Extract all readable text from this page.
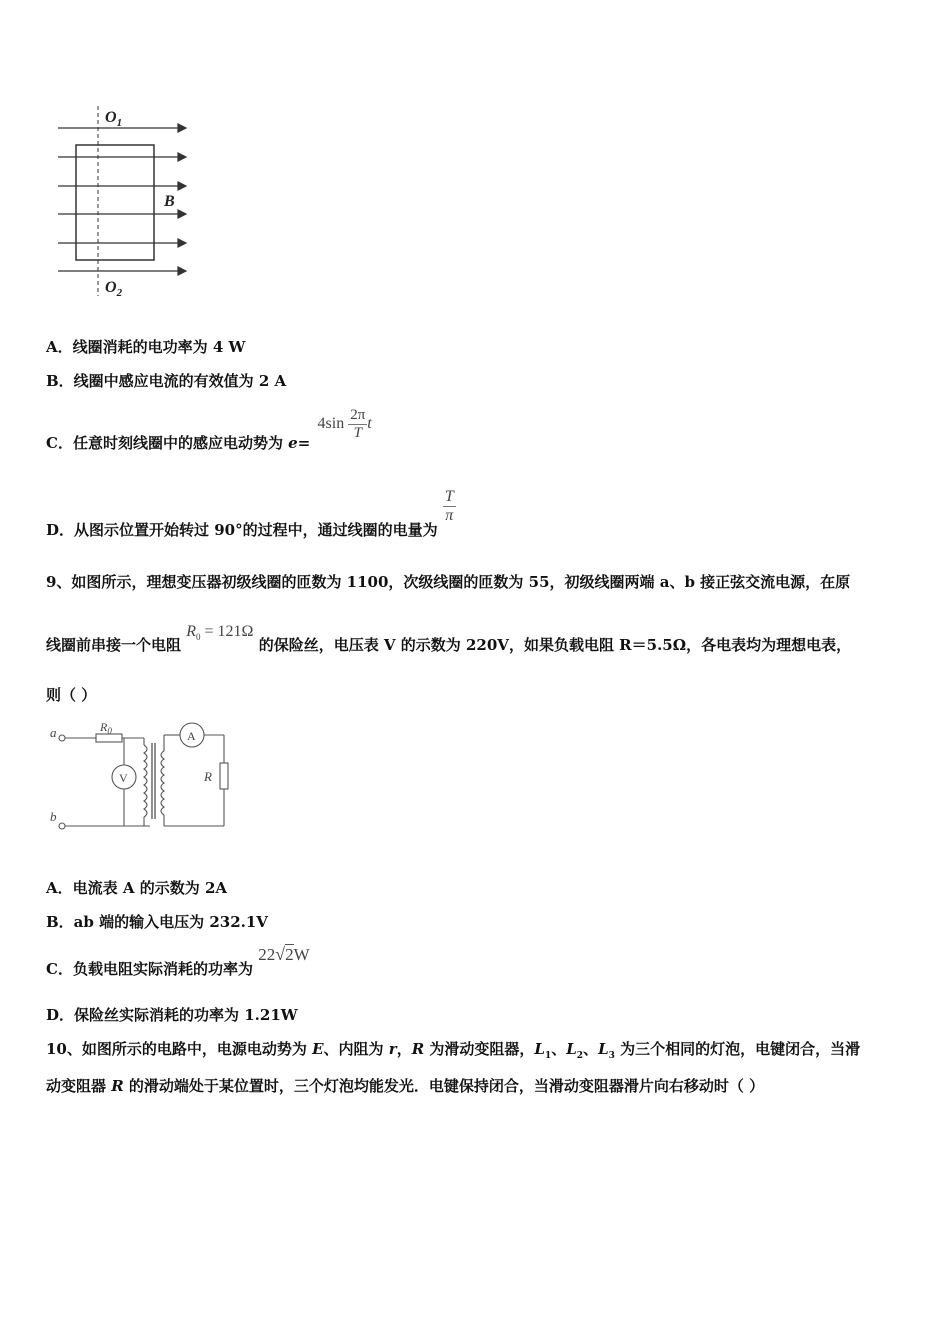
$O_1$
$O_2$
B
A．线圈消耗的电功率为 4 W
B．线圈中感应电流的有效值为 2 A
C．任意时刻线圈中的感应电动势为 $e= 4\sin \frac{2\pi}{T}$ t
D．从图示位置开始转过 90°的过程中，通过线圈的电量为
$\frac{T}{\pi}$
9、如图所示，理想变压器初级线圈的匝数为 1100，次级线圈的匝数为 55，初级线圈两端 a、b 接正弦交流电源，在原
线圈前串接一个电阻 $R_0 = 121\Omega$ 的保险丝，电压表 V 的示数为 220V，如果负载电阻 R＝5.5Ω，各电表均为理想电表，
则（ ）
a
b
$R_0$
V
A
R
A．电流表 A 的示数为 2A
B．ab 端的输入电压为 232.1V
C．负载电阻实际消耗的功率为 22√2W
D．保险丝实际消耗的功率为 1.21W
10、如图所示的电路中，电源电动势为 E、内阻为 r，R 为滑动变阻器，$L_1$、$L_2$、$L_3$ 为三个相同的灯泡，电键闭合，当滑
动变阻器 R 的滑动端处于某位置时，三个灯泡均能发光．电键保持闭合，当滑动变阻器滑片向右移动时（ ）
